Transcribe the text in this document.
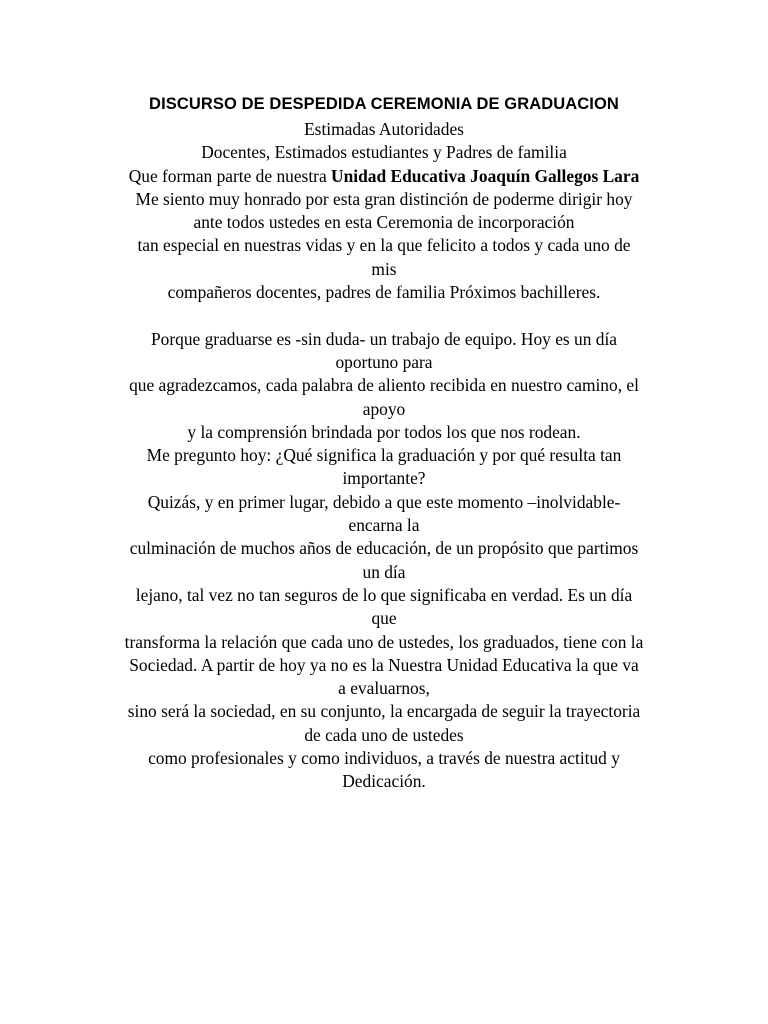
DISCURSO DE DESPEDIDA CEREMONIA DE GRADUACION
Estimadas Autoridades
Docentes, Estimados estudiantes y Padres de familia
Que forman parte de nuestra Unidad Educativa Joaquín Gallegos Lara
Me siento muy honrado por esta gran distinción de poderme dirigir hoy
ante todos ustedes en esta Ceremonia de incorporación
tan especial en nuestras vidas y en la que felicito a todos y cada uno de
mis
compañeros docentes, padres de familia Próximos bachilleres.
Porque graduarse es -sin duda- un trabajo de equipo. Hoy es un día
oportuno para
que agradezcamos, cada palabra de aliento recibida en nuestro camino, el
apoyo
y la comprensión brindada por todos los que nos rodean.
Me pregunto hoy: ¿Qué significa la graduación y por qué resulta tan
importante?
Quizás, y en primer lugar, debido a que este momento –inolvidable-
encarna la
culminación de muchos años de educación, de un propósito que partimos
un día
lejano, tal vez no tan seguros de lo que significaba en verdad. Es un día
que
transforma la relación que cada uno de ustedes, los graduados, tiene con la
Sociedad. A partir de hoy ya no es la Nuestra Unidad Educativa la que va
a evaluarnos,
sino será la sociedad, en su conjunto, la encargada de seguir la trayectoria
de cada uno de ustedes
como profesionales y como individuos, a través de nuestra actitud y
Dedicación.
